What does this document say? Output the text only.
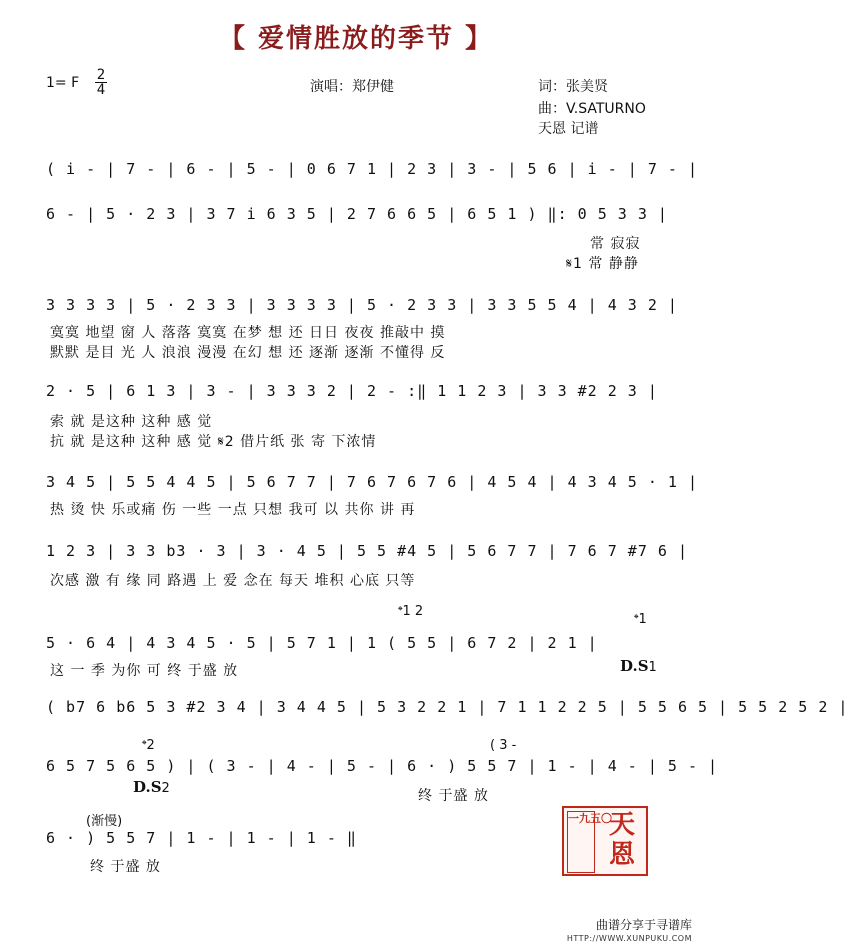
【 爱情胜放的季节 】
1= F 2
4	演唱：郑伊健	词：张美贤
曲：V.SATURNO
天恩 记谱
( i - | 7 - | 6 - | 5 - | 0 6 7 1 | 2 3 | 3 - | 5 6 | i - | 7 - |
6 - | 5 · 2 3 | 3 7 i 6 3 5 | 2 7 6 6 5 | 6 5 1 ) ‖: 0 5 3 3 |
常 寂寂
𝄋1 常 静静
3 3 3 3 | 5 · 2 3 3 | 3 3 3 3 | 5 · 2 3 3 | 3 3 5 5 4 | 4 3 2 |
寞寞 地望 窗 人 落落 寞寞 在梦 想 还 日日 夜夜 推敲中 摸
默默 是目 光 人 浪浪 漫漫 在幻 想 还 逐渐 逐渐 不懂得 反
2 · 5 | 6 1 3 | 3 - | 3 3 3 2 | 2 - :‖ 1 1 2 3 | 3 3 #2 2 3 |
索 就 是这种 这种 感 觉
抗 就 是这种 这种 感 觉 𝄋2 借片纸 张 寄 下浓情
3 4 5 | 5 5 4 4 5 | 5 6 7 7 | 7 6 7 6 7 6 | 4 5 4 | 4 3 4 5 · 1 |
热 烫 快 乐或痛 伤 一些 一点 只想 我可 以 共你 讲 再
1 2 3 | 3 3 b3 · 3 | 3 · 4 5 | 5 5 #4 5 | 5 6 7 7 | 7 6 7 #7 6 |
次感 激 有 缘 同 路遇 上 爱 念在 每天 堆积 心底 只等
𝄌1 2
𝄌1
5 · 6 4 | 4 3 4 5 · 5 | 5 7 1 | 1 ( 5 5 | 6 7 2 | 2 1 |
这 一 季 为你 可 终 于盛 放	D.S1
( b7 6 b6 5 3 #2 3 4 | 3 4 4 5 | 5 3 2 2 1 | 7 1 1 2 2 5 | 5 5 6 5 | 5 5 2 5 2 |
𝄌2	( 3 -
6 5 7 5 6 5 ) | ( 3 - | 4 - | 5 - | 6 · ) 5 5 7 | 1 - | 4 - | 5 - |
D.S2	终 于盛 放
(渐慢)
6 · ) 5 5 7 | 1 - | 1 - | 1 - ‖
终 于盛 放
一九五〇
天恩
曲谱分享于寻谱库
HTTP://WWW.XUNPUKU.COM
